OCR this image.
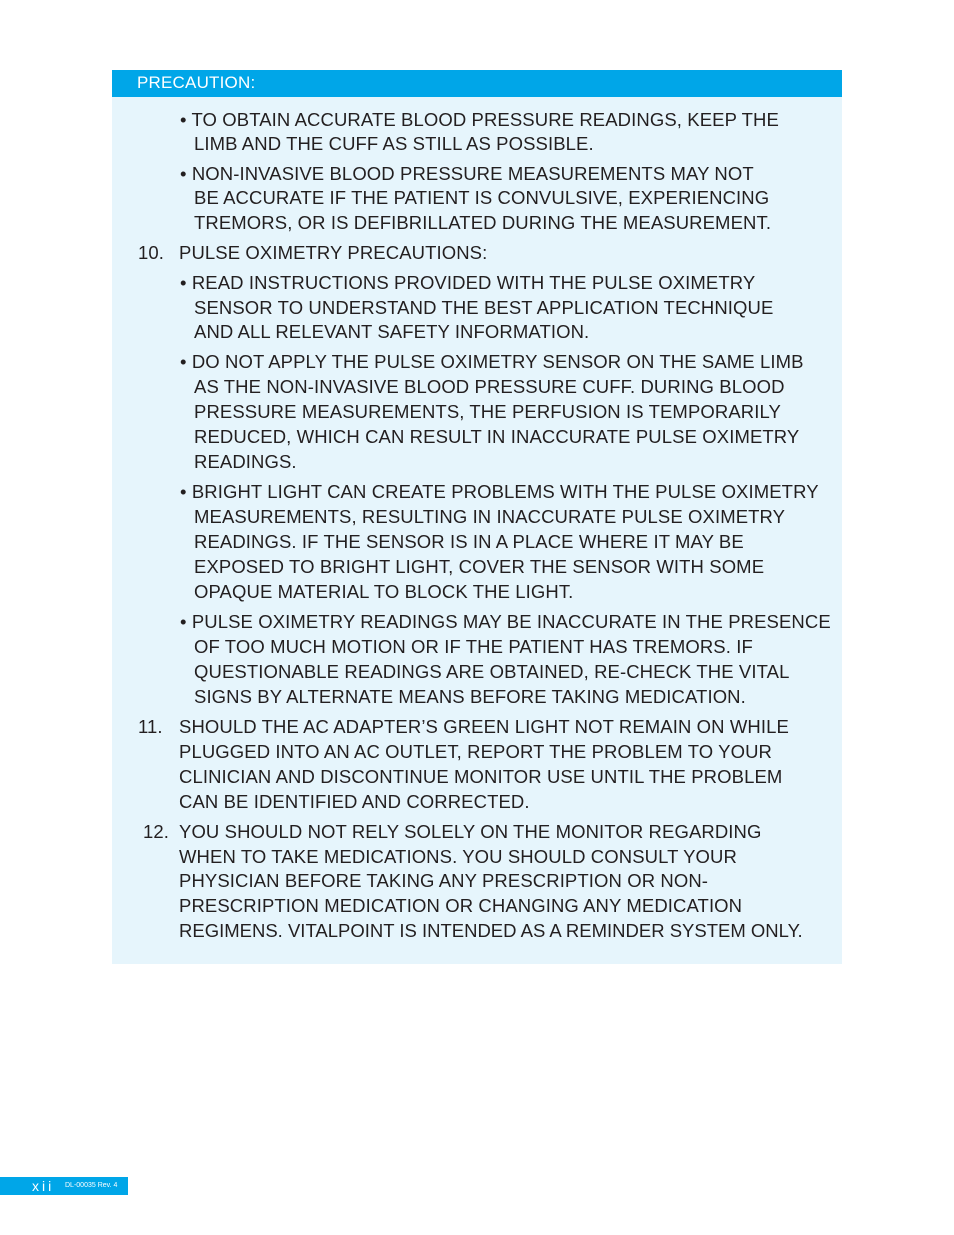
PRECAUTION:
• TO OBTAIN ACCURATE BLOOD PRESSURE READINGS, KEEP THE
LIMB AND THE CUFF AS STILL AS POSSIBLE.
• NON-INVASIVE BLOOD PRESSURE MEASUREMENTS MAY NOT
BE ACCURATE IF THE PATIENT IS CONVULSIVE, EXPERIENCING
TREMORS, OR IS DEFIBRILLATED DURING THE MEASUREMENT.
10. PULSE OXIMETRY PRECAUTIONS:
• READ INSTRUCTIONS PROVIDED WITH THE PULSE OXIMETRY
SENSOR TO UNDERSTAND THE BEST APPLICATION TECHNIQUE
AND ALL RELEVANT SAFETY INFORMATION.
• DO NOT APPLY THE PULSE OXIMETRY SENSOR ON THE SAME LIMB
AS THE NON-INVASIVE BLOOD PRESSURE CUFF. DURING BLOOD
PRESSURE MEASUREMENTS, THE PERFUSION IS TEMPORARILY
REDUCED, WHICH CAN RESULT IN INACCURATE PULSE OXIMETRY
READINGS.
• BRIGHT LIGHT CAN CREATE PROBLEMS WITH THE PULSE OXIMETRY
MEASUREMENTS, RESULTING IN INACCURATE PULSE OXIMETRY
READINGS. IF THE SENSOR IS IN A PLACE WHERE IT MAY BE
EXPOSED TO BRIGHT LIGHT, COVER THE SENSOR WITH SOME
OPAQUE MATERIAL TO BLOCK THE LIGHT.
• PULSE OXIMETRY READINGS MAY BE INACCURATE IN THE PRESENCE
OF TOO MUCH MOTION OR IF THE PATIENT HAS TREMORS. IF
QUESTIONABLE READINGS ARE OBTAINED, RE-CHECK THE VITAL
SIGNS BY ALTERNATE MEANS BEFORE TAKING MEDICATION.
11. SHOULD THE AC ADAPTER’S GREEN LIGHT NOT REMAIN ON WHILE
PLUGGED INTO AN AC OUTLET, REPORT THE PROBLEM TO YOUR
CLINICIAN AND DISCONTINUE MONITOR USE UNTIL THE PROBLEM
CAN BE IDENTIFIED AND CORRECTED.
12. YOU SHOULD NOT RELY SOLELY ON THE MONITOR REGARDING
WHEN TO TAKE MEDICATIONS. YOU SHOULD CONSULT YOUR
PHYSICIAN BEFORE TAKING ANY PRESCRIPTION OR NON-
PRESCRIPTION MEDICATION OR CHANGING ANY MEDICATION
REGIMENS. VITALPOINT IS INTENDED AS A REMINDER SYSTEM ONLY.
xii DL-00035 Rev. 4
